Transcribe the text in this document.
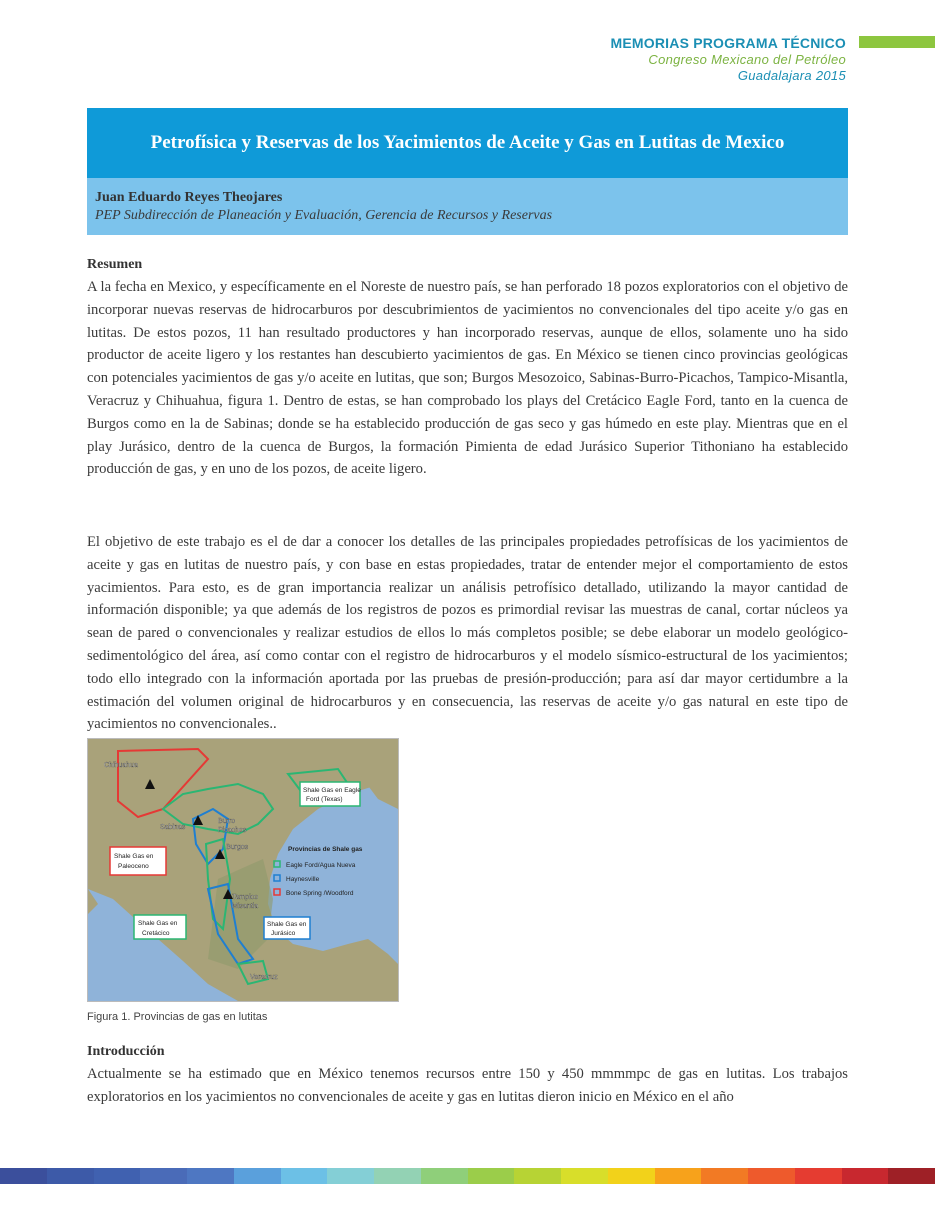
MEMORIAS PROGRAMA TÉCNICO
Congreso Mexicano del Petróleo
Guadalajara 2015
Petrofísica y Reservas de los Yacimientos de Aceite y Gas en Lutitas de Mexico
Juan Eduardo Reyes Theojares
PEP Subdirección de Planeación y Evaluación, Gerencia de Recursos y Reservas
Resumen

A la fecha en Mexico, y específicamente en el Noreste de nuestro país, se han perforado 18 pozos exploratorios con el objetivo de incorporar nuevas reservas de hidrocarburos por descubrimientos de yacimientos no convencionales del tipo aceite y/o gas en lutitas. De estos pozos, 11 han resultado productores y han incorporado reservas, aunque de ellos, solamente uno ha sido productor de aceite ligero y los restantes han descubierto yacimientos de gas. En México se tienen cinco provincias geológicas con potenciales yacimientos de gas y/o aceite en lutitas, que son; Burgos Mesozoico, Sabinas-Burro-Picachos, Tampico-Misantla, Veracruz y Chihuahua, figura 1. Dentro de estas, se han comprobado los plays del Cretácico Eagle Ford, tanto en la cuenca de Burgos como en la de Sabinas; donde se ha establecido producción de gas seco y gas húmedo en este play. Mientras que en el play Jurásico, dentro de la cuenca de Burgos, la formación Pimienta de edad Jurásico Superior Tithoniano ha establecido producción de gas, y en uno de los pozos, de aceite ligero.

El objetivo de este trabajo es el de dar a conocer los detalles de las principales propiedades petrofísicas de los yacimientos de aceite y gas en lutitas de nuestro país, y con base en estas propiedades, tratar de entender mejor el comportamiento de estos yacimientos. Para esto, es de gran importancia realizar un análisis petrofísico detallado, utilizando la mayor cantidad de información disponible; ya que además de los registros de pozos es primordial revisar las muestras de canal, cortar núcleos ya sean de pared o convencionales y realizar estudios de ellos lo más completos posible; se debe elaborar un modelo geológico-sedimentológico del área, así como contar con el registro de hidrocarburos y el modelo sísmico-estructural de los yacimientos; todo ello integrado con la información aportada por las pruebas de presión-producción; para así dar mayor certidumbre a la estimación del volumen original de hidrocarburos y en consecuencia, las reservas de aceite y/o gas natural en este tipo de yacimientos no convencionales..

Chihuahua
Sabinas
Burro
Picachos
Burgos
Tampico
Misantla
Veracruz
Shale Gas en Eagle
Ford (Texas)
Shale Gas en
Paleoceno
Shale Gas en
Cretácico
Shale Gas en
Jurásico
Provincias de Shale gas
Eagle Ford/Agua Nueva
Haynesville
Bone Spring /Woodford
Figura 1. Provincias de gas en lutitas
Introducción

Actualmente se ha estimado que en México tenemos recursos entre 150 y 450 mmmmpc de gas en lutitas. Los trabajos exploratorios en los yacimientos no convencionales de aceite y gas en lutitas dieron inicio en México en el año
